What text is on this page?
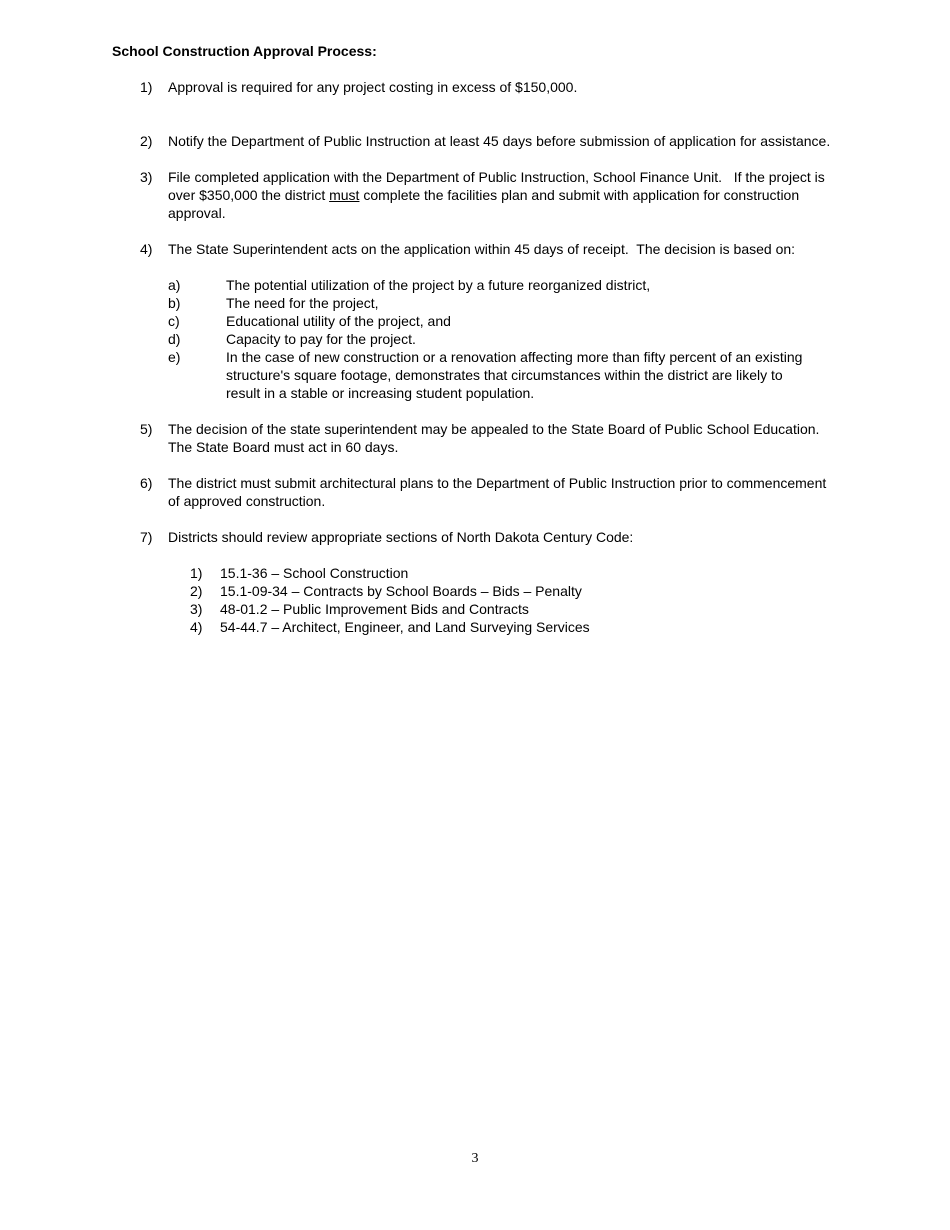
School Construction Approval Process:
1)	Approval is required for any project costing in excess of $150,000.
2)	Notify the Department of Public Instruction at least 45 days before submission of application for assistance.
3)	File completed application with the Department of Public Instruction, School Finance Unit.   If the project is over $350,000 the district must complete the facilities plan and submit with application for construction approval.
4)	The State Superintendent acts on the application within 45 days of receipt.  The decision is based on:
a)	The potential utilization of the project by a future reorganized district,
b)	The need for the project,
c)	Educational utility of the project, and
d)	Capacity to pay for the project.
e)	In the case of new construction or a renovation affecting more than fifty percent of an existing structure's square footage, demonstrates that circumstances within the district are likely to result in a stable or increasing student population.
5)	The decision of the state superintendent may be appealed to the State Board of Public School Education.  The State Board must act in 60 days.
6)	The district must submit architectural plans to the Department of Public Instruction prior to commencement of approved construction.
7)	Districts should review appropriate sections of North Dakota Century Code:
1)	15.1-36 – School Construction
2)	15.1-09-34 – Contracts by School Boards – Bids – Penalty
3)	48-01.2 – Public Improvement Bids and Contracts
4)	54-44.7 – Architect, Engineer, and Land Surveying Services
3
